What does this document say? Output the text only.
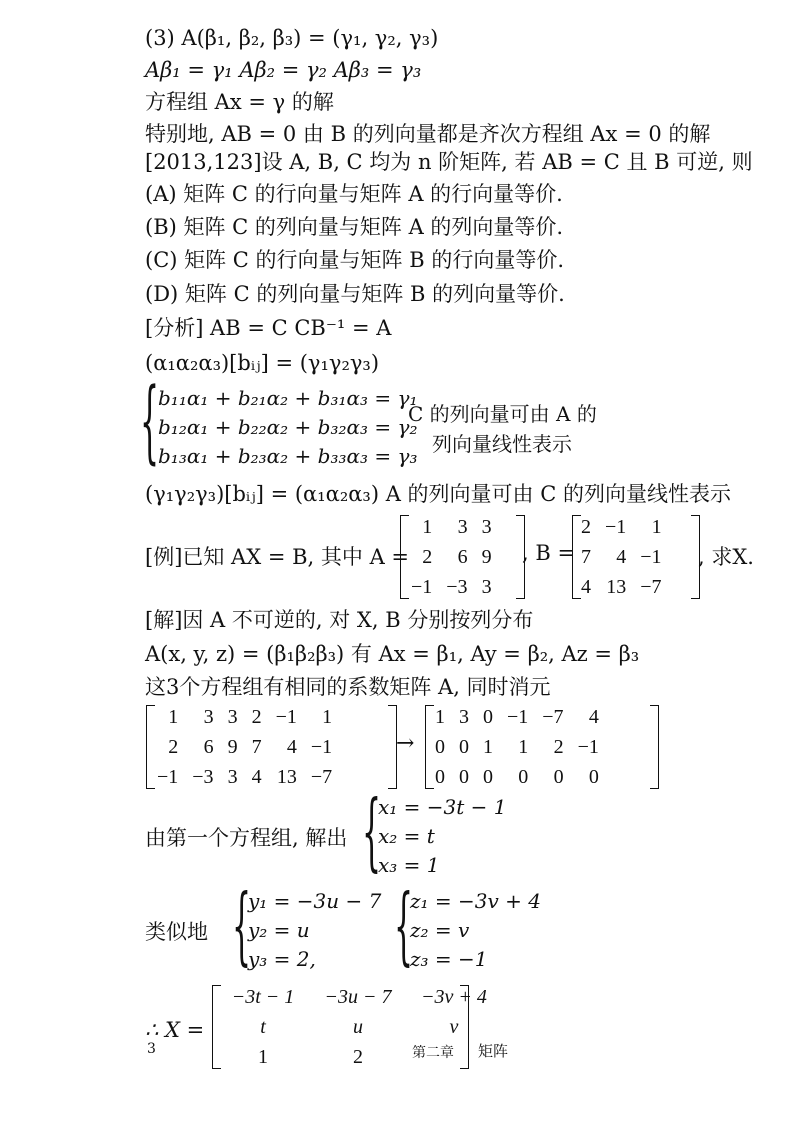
(3) A(β₁, β₂, β₃) = (γ₁, γ₂, γ₃)
Aβ₁ = γ₁ Aβ₂ = γ₂ Aβ₃ = γ₃
方程组 Ax = γ 的解
特别地, AB = 0 由 B 的列向量都是齐次方程组 Ax = 0 的解
[2013,123]设 A, B, C 均为 n 阶矩阵, 若 AB = C 且 B 可逆, 则
(A) 矩阵 C 的行向量与矩阵 A 的行向量等价.
(B) 矩阵 C 的列向量与矩阵 A 的列向量等价.
(C) 矩阵 C 的行向量与矩阵 B 的行向量等价.
(D) 矩阵 C 的列向量与矩阵 B 的列向量等价.
[分析] AB = C CB⁻¹ = A
(α₁α₂α₃)[bᵢⱼ] = (γ₁γ₂γ₃)
{
b₁₁α₁ + b₂₁α₂ + b₃₁α₃ = γ₁
b₁₂α₁ + b₂₂α₂ + b₃₂α₃ = γ₂
b₁₃α₁ + b₂₃α₂ + b₃₃α₃ = γ₃
C 的列向量可由 A 的
列向量线性表示
(γ₁γ₂γ₃)[bᵢⱼ] = (α₁α₂α₃) A 的列向量可由 C 的列向量线性表示
[例]已知 AX = B, 其中 A =
1	3	3
2	6	9
−1	−3	3
, B =
2	−1	1
7	4	−1
4	13	−7
, 求X.
[解]因 A 不可逆的, 对 X, B 分别按列分布
A(x, y, z) = (β₁β₂β₃) 有 Ax = β₁, Ay = β₂, Az = β₃
这3个方程组有相同的系数矩阵 A, 同时消元
1	3	3	2	−1	1
2	6	9	7	4	−1
−1	−3	3	4	13	−7
→
1	3	0	−1	−7	4
0	0	1	1	2	−1
0	0	0	0	0	0
由第一个方程组, 解出 {
x₁ = −3t − 1
x₂ = t
x₃ = 1
类似地 {
y₁ = −3u − 7
y₂ = u
y₃ = 2,	{
z₁ = −3v + 4
z₂ = v
z₃ = −1
∴ X =
−3t − 1	−3u − 7	−3v + 4
t	u	v
1	2	
3	第二章 矩阵
